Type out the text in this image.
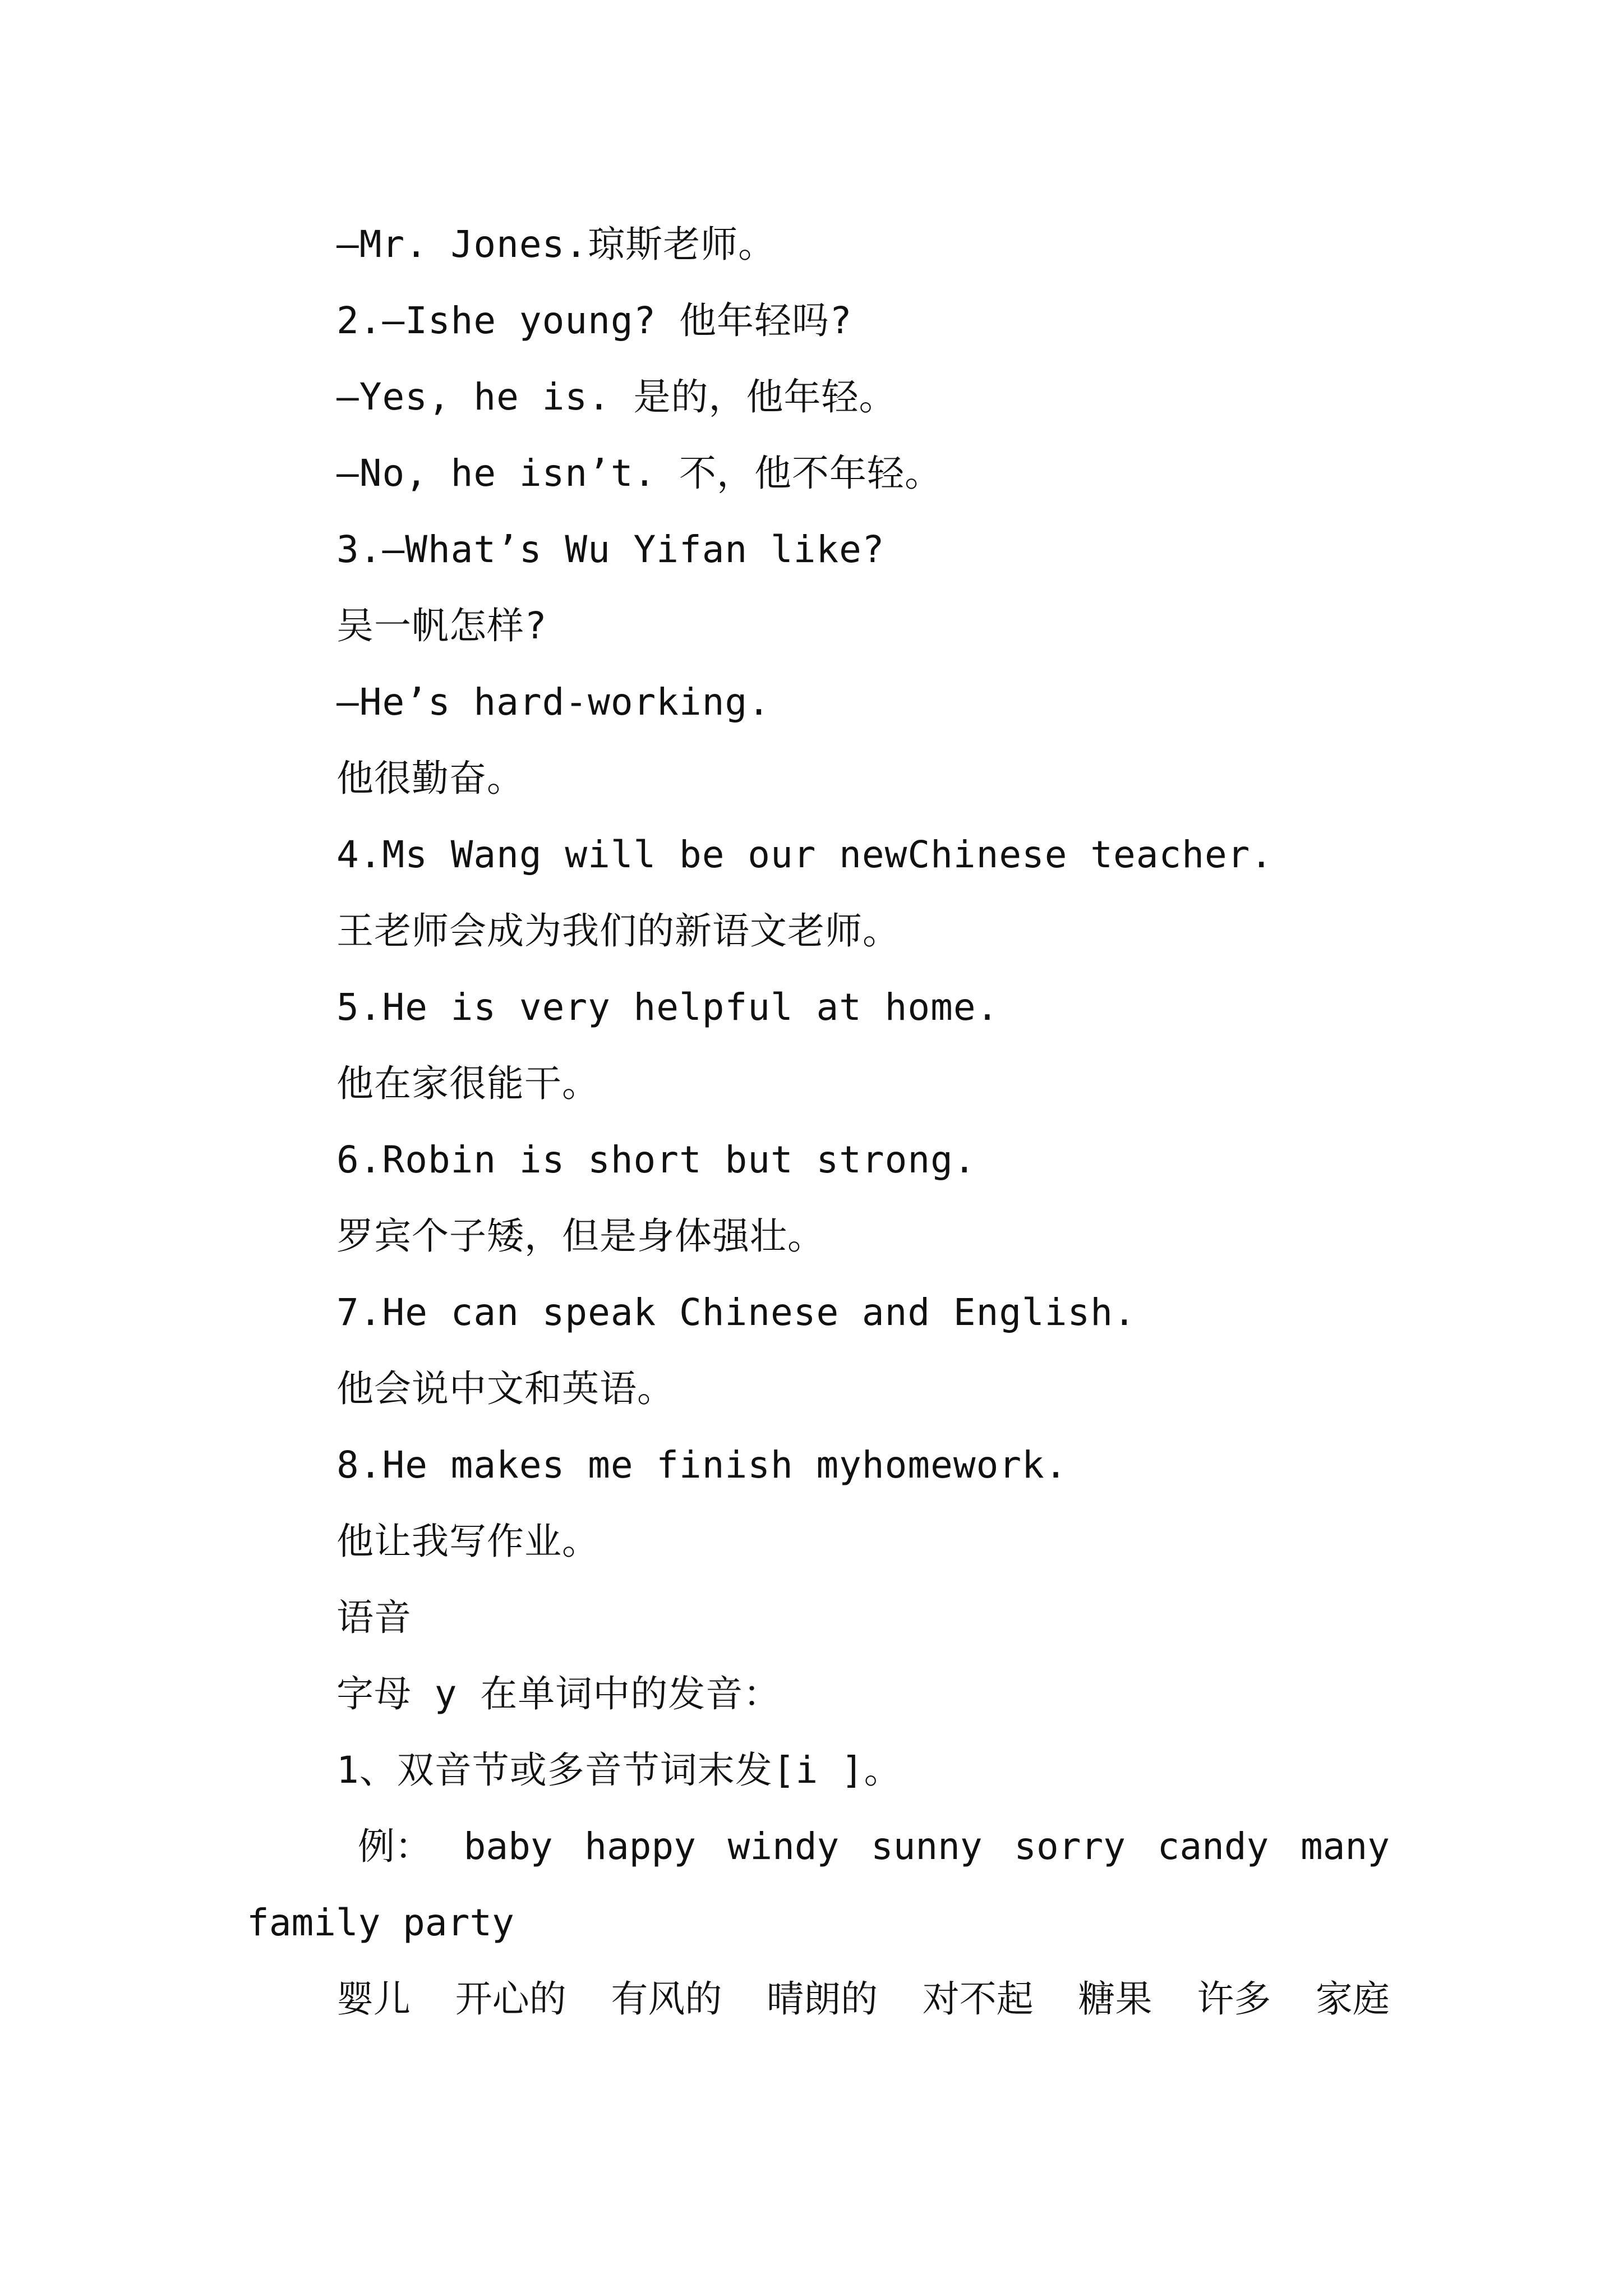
—Mr. Jones.琼斯老师。
2.—Ishe young? 他年轻吗?
—Yes, he is. 是的，他年轻。
—No, he isn’t. 不，他不年轻。
3.—What’s Wu Yifan like?
吴一帆怎样?
—He’s hard-working.
他很勤奋。
4.Ms Wang will be our newChinese teacher.
王老师会成为我们的新语文老师。
5.He is very helpful at home.
他在家很能干。
6.Robin is short but strong.
罗宾个子矮，但是身体强壮。
7.He can speak Chinese and English.
他会说中文和英语。
8.He makes me finish myhomework.
他让我写作业。
语音
字母 y 在单词中的发音：
1、双音节或多音节词末发[i ]。
例： baby happy windy sunny sorry candy many
family party
婴儿 开心的 有风的 晴朗的 对不起 糖果 许多 家庭
